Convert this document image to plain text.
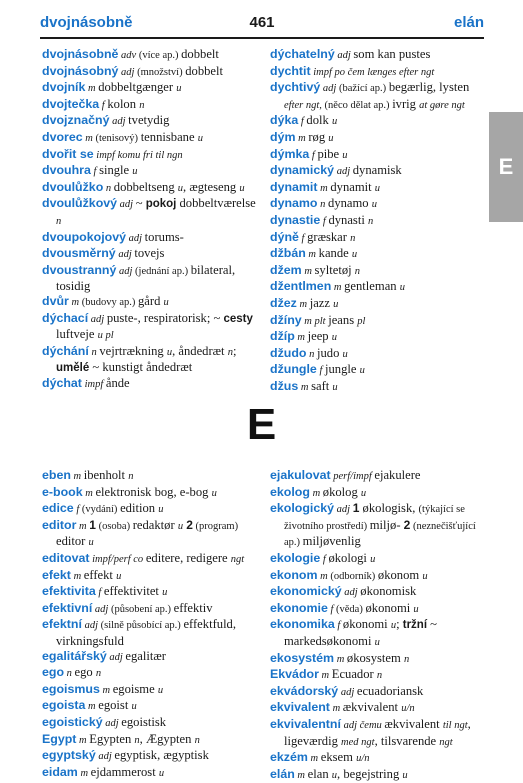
461
dvojnásobně	elán
E

dvojnásobně adv (více ap.) dobbelt

dvojnásobný adj (množství) dobbelt

dvojník m dobbeltgænger u

dvojtečka f kolon n

dvojznačný adj tvetydig

dvorec m (tenisový) tennisbane u

dvořit se impf komu fri til ngn

dvouhra f single u

dvoulůžko n dobbeltseng u, ægteseng u

dvoulůžkový adj ~ pokoj dobbeltværelse n

dvoupokojový adj torums-

dvousměrný adj tovejs

dvoustranný adj (jednání ap.) bilateral, tosidig

dvůr m (budovy ap.) gård u

dýchací adj puste-, respiratorisk; ~ cesty luftveje u pl

dýchání n vejrtrækning u, åndedræt n; umělé ~ kunstigt åndedræt

dýchat impf ånde

dýchatelný adj som kan pustes

dychtit impf po čem længes efter ngt

dychtivý adj (bažící ap.) begærlig, lysten efter ngt, (něco dělat ap.) ivrig at gøre ngt

dýka f dolk u

dým m røg u

dýmka f pibe u

dynamický adj dynamisk

dynamit m dynamit u

dynamo n dynamo u

dynastie f dynasti n

dýně f græskar n

džbán m kande u

džem m syltetøj n

džentlmen m gentleman u

džez m jazz u

džíny m plt jeans pl

džíp m jeep u

džudo n judo u

džungle f jungle u

džus m saft u

E

eben m ibenholt n

e-book m elektronisk bog, e-bog u

edice f (vydání) edition u

editor m 1 (osoba) redaktør u 2 (program) editor u

editovat impf/perf co editere, redigere ngt

efekt m effekt u

efektivita f effektivitet u

efektivní adj (působení ap.) effektiv

efektní adj (silně působící ap.) effektfuld, virkningsfuld

egalitářský adj egalitær

ego n ego n

egoismus m egoisme u

egoista m egoist u

egoistický adj egoistisk

Egypt m Egypten n, Ægypten n

egyptský adj egyptisk, ægyptisk

eidam m ejdammerost u

ejakulovat perf/impf ejakulere

ekolog m økolog u

ekologický adj 1 økologisk, (týkající se životního prostředí) miljø- 2 (neznečišťující ap.) miljøvenlig

ekologie f økologi u

ekonom m (odborník) økonom u

ekonomický adj økonomisk

ekonomie f (věda) økonomi u

ekonomika f økonomi u; tržní ~ markedsøkonomi u

ekosystém m økosystem n

Ekvádor m Ecuador n

ekvádorský adj ecuadoriansk

ekvivalent m ækvivalent u/n

ekvivalentní adj čemu ækvivalent til ngt, ligeværdig med ngt, tilsvarende ngt

ekzém m eksem u/n

elán m elan u, begejstring u
